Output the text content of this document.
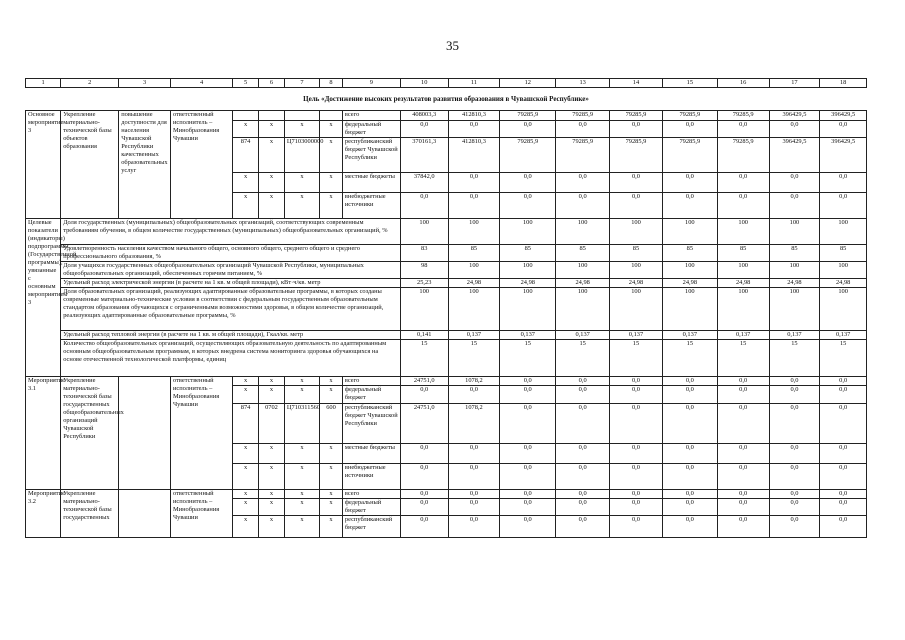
35
1	2	3	4	5	6	7	8	9	10	11	12	13	14	15	16	17	18
Цель «Достижение высоких результатов развития образования в Чувашской Республике»																	
Основное мероприятие 3	Укрепление материально-технической базы объектов образования	повышение доступности для населения Чувашской Республики качественных образовательных услуг	ответственный исполнитель – Минобразования Чувашии					всего	408003,3	412810,3	79285,9	79285,9	79285,9	79285,9	79285,9	396429,5	396429,5
				x	x	x	x	федеральный бюджет	0,0	0,0	0,0	0,0	0,0	0,0	0,0	0,0	0,0
				874	x	Ц7103000000	x	республиканский бюджет Чувашской Республики	370161,3	412810,3	79285,9	79285,9	79285,9	79285,9	79285,9	396429,5	396429,5
				x	x	x	x	местные бюджеты	37842,0	0,0	0,0	0,0	0,0	0,0	0,0	0,0	0,0
				x	x	x	x	внебюджетные источники	0,0	0,0	0,0	0,0	0,0	0,0	0,0	0,0	0,0
Целевые показатели (индикаторы) подпрограммы (Государственной программы), увязанные с основным мероприятием 3	Доля государственных (муниципальных) общеобразовательных организаций, соответствующих современным требованиям обучения, в общем количестве государственных (муниципальных) общеобразовательных организаций, %								100	100	100	100	100	100	100	100	100
	Удовлетворенность населения качеством начального общего, основного общего, среднего общего и среднего профессионального образования, %								83	85	85	85	85	85	85	85	85
	Доля учащихся государственных общеобразовательных организаций Чувашской Республики, муниципальных общеобразовательных организаций, обеспеченных горячим питанием, %								98	100	100	100	100	100	100	100	100
	Удельный расход электрической энергии (в расчете на 1 кв. м общей площади), кВт·ч/кв. метр								25,23	24,98	24,98	24,98	24,98	24,98	24,98	24,98	24,98
	Доля образовательных организаций, реализующих адаптированные образовательные программы, в которых созданы современные материально-технические условия в соответствии с федеральным государственным образовательным стандартом образования обучающихся с ограниченными возможностями здоровья, в общем количестве организаций, реализующих адаптированные образовательные программы, %								100	100	100	100	100	100	100	100	100
	Удельный расход тепловой энергии (в расчете на 1 кв. м общей площади), Гкал/кв. метр								0,141	0,137	0,137	0,137	0,137	0,137	0,137	0,137	0,137
	Количество общеобразовательных организаций, осуществляющих образовательную деятельность по адаптированным основным общеобразовательным программам, в которых внедрена система мониторинга здоровья обучающихся на основе отечественной технологической платформы, единиц								15	15	15	15	15	15	15	15	15
Мероприятие 3.1	Укрепление материально-технической базы государственных общеобразовательных организаций Чувашской Республики		ответственный исполнитель – Минобразования Чувашии	x	x	x	x	всего	24751,0	1078,2	0,0	0,0	0,0	0,0	0,0	0,0	0,0
				x	x	x	x	федеральный бюджет	0,0	0,0	0,0	0,0	0,0	0,0	0,0	0,0	0,0
				874	0702	Ц710311560	600	республиканский бюджет Чувашской Республики	24751,0	1078,2	0,0	0,0	0,0	0,0	0,0	0,0	0,0
				x	x	x	x	местные бюджеты	0,0	0,0	0,0	0,0	0,0	0,0	0,0	0,0	0,0
				x	x	x	x	внебюджетные источники	0,0	0,0	0,0	0,0	0,0	0,0	0,0	0,0	0,0
Мероприятие 3.2	Укрепление материально-технической базы государственных		ответственный исполнитель – Минобразования Чувашии	x	x	x	x	всего	0,0	0,0	0,0	0,0	0,0	0,0	0,0	0,0	0,0
				x	x	x	x	федеральный бюджет	0,0	0,0	0,0	0,0	0,0	0,0	0,0	0,0	0,0
				x	x	x	x	республиканский бюджет	0,0	0,0	0,0	0,0	0,0	0,0	0,0	0,0	0,0
